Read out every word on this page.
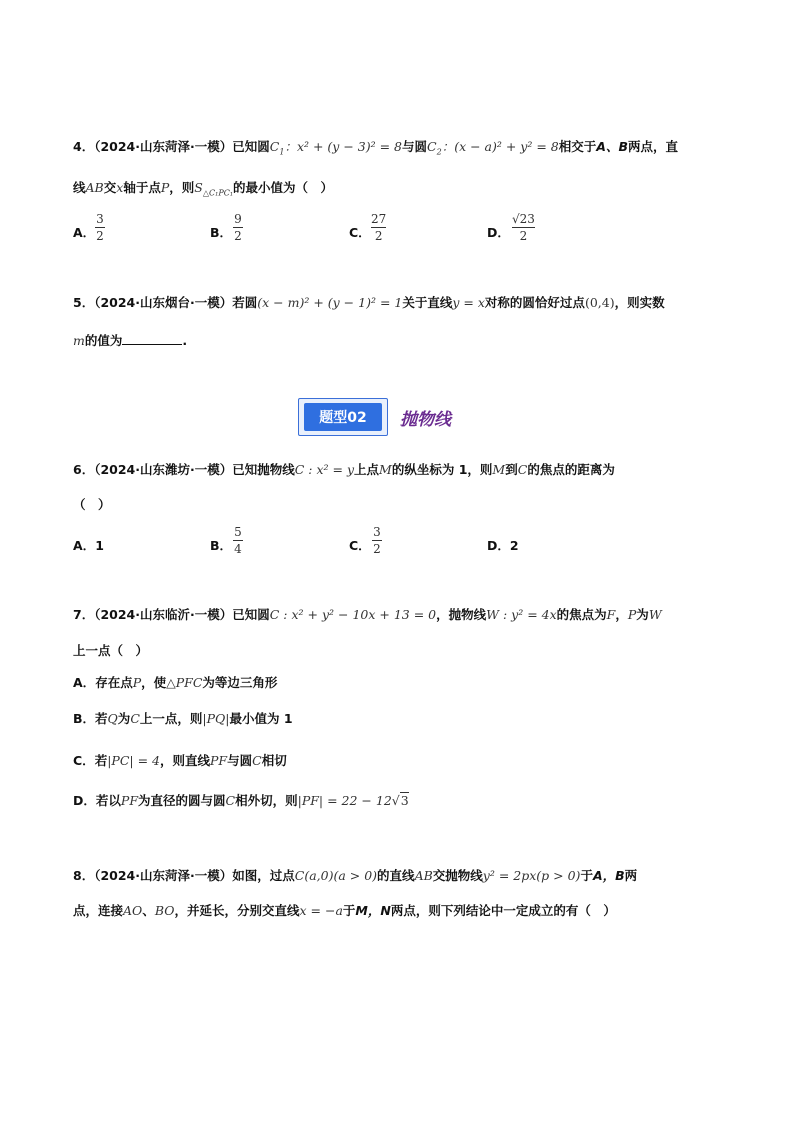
4．（2024·山东菏泽·一模）已知圆$C_1$：x² + (y − 3)² = 8与圆$C_2$：(x − a)² + y² = 8相交于A、B两点，直
线AB交x轴于点P，则$S_{\triangle C_1PC_1}$的最小值为（　）
A．
3
2	B．
9
2	C．
27
2	D．
√23
2
5．（2024·山东烟台·一模）若圆(x − m)² + (y − 1)² = 1关于直线y = x对称的圆恰好过点(0,4)，则实数
m的值为	.
题型02	抛物线
6．（2024·山东潍坊·一模）已知抛物线C : x² = y上点M的纵坐标为 1，则M到C的焦点的距离为
（　）
A．1	B．
5
4	C．
3
2	D．2
7．（2024·山东临沂·一模）已知圆C : x² + y² − 10x + 13 = 0，抛物线W : y² = 4x的焦点为F，P为W
上一点（　）
A．存在点P，使△PFC为等边三角形
B．若Q为C上一点，则|PQ|最小值为 1
C．若|PC| = 4，则直线PF与圆C相切
D．若以PF为直径的圆与圆C相外切，则|PF| = 22 − 12√3
8．（2024·山东菏泽·一模）如图，过点C(a,0)(a > 0)的直线AB交抛物线y² = 2px(p > 0)于A，B两
点，连接AO、BO，并延长，分别交直线x = −a于M，N两点，则下列结论中一定成立的有（　）
